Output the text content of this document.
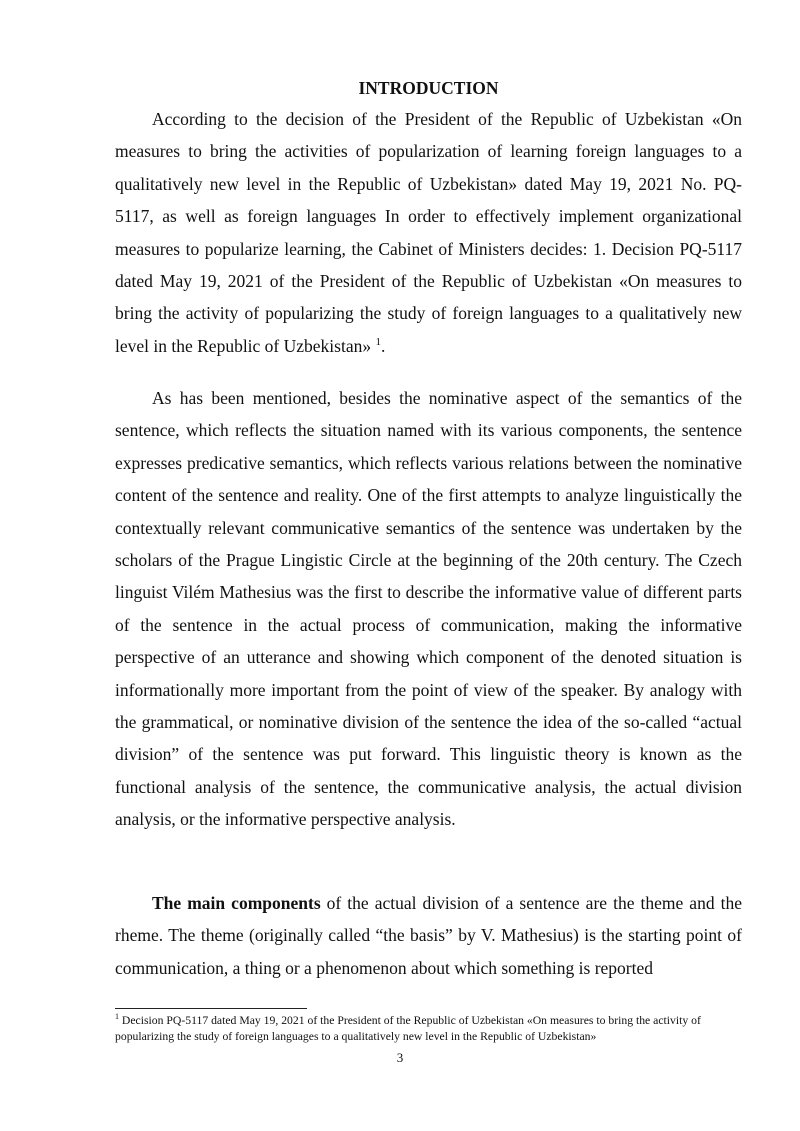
INTRODUCTION

According to the decision of the President of the Republic of Uzbekistan «On measures to bring the activities of popularization of learning foreign languages to a qualitatively new level in the Republic of Uzbekistan» dated May 19, 2021 No. PQ-5117, as well as foreign languages In order to effectively implement organizational measures to popularize learning, the Cabinet of Ministers decides: 1. Decision PQ-5117 dated May 19, 2021 of the President of the Republic of Uzbekistan «On measures to bring the activity of popularizing the study of foreign languages to a qualitatively new level in the Republic of Uzbekistan» $^1$.

As has been mentioned, besides the nominative aspect of the semantics of the sentence, which reflects the situation named with its various components, the sentence expresses predicative semantics, which reflects various relations between the nominative content of the sentence and reality. One of the first attempts to analyze linguistically the contextually relevant communicative semantics of the sentence was undertaken by the scholars of the Prague Lingistic Circle at the beginning of the 20th century. The Czech linguist Vilém Mathesius was the first to describe the informative value of different parts of the sentence in the actual process of communication, making the informative perspective of an utterance and showing which component of the denoted situation is informationally more important from the point of view of the speaker. By analogy with the grammatical, or nominative division of the sentence the idea of the so-called “actual division” of the sentence was put forward. This linguistic theory is known as the functional analysis of the sentence, the communicative analysis, the actual division analysis, or the informative perspective analysis.

The main components of the actual division of a sentence are the theme and the rheme. The theme (originally called “the basis” by V. Mathesius) is the starting point of communication, a thing or a phenomenon about which something is reported

$^1$ Decision PQ-5117 dated May 19, 2021 of the President of the Republic of Uzbekistan «On measures to bring the activity of popularizing the study of foreign languages to a qualitatively new level in the Republic of Uzbekistan»

3
